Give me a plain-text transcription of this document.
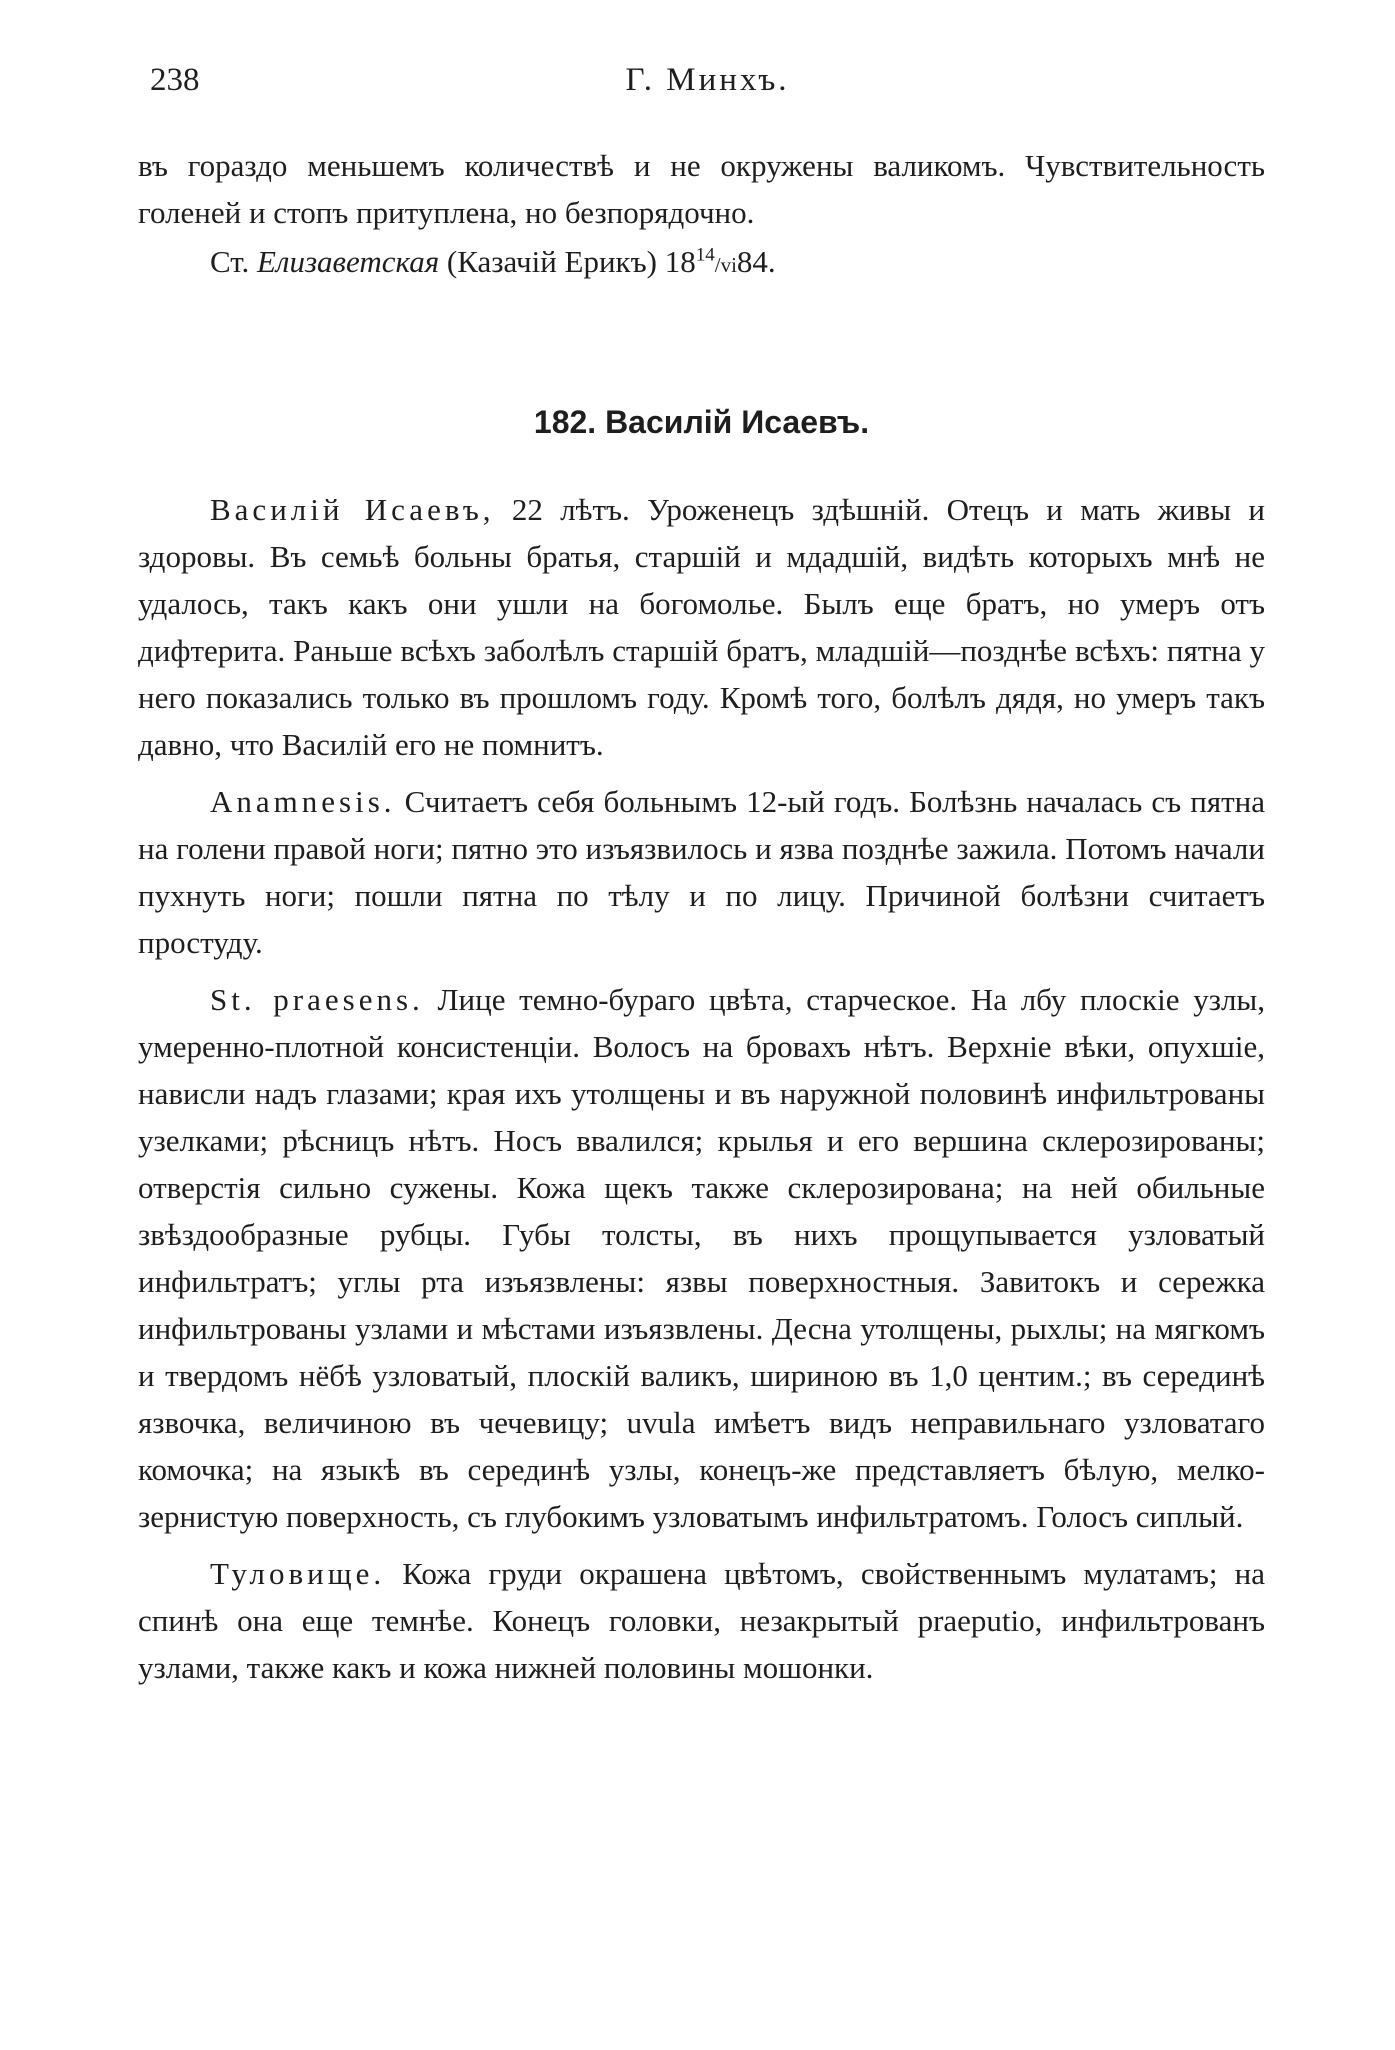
238	Г. Минхъ.

въ гораздо меньшемъ количествѣ и не окружены валикомъ. Чувствительность голеней и стопъ притуплена, но безпорядочно.

Ст. Елизаветская (Казачій Ерикъ) $18^{14}/vi84$.

182. Василій Исаевъ.

Василій Исаевъ, 22 лѣтъ. Уроженецъ здѣшній. Отецъ и мать живы и здоровы. Въ семьѣ больны братья, старшій и мдадшій, видѣть которыхъ мнѣ не удалось, такъ какъ они ушли на богомолье. Былъ еще братъ, но умеръ отъ дифтерита. Раньше всѣхъ заболѣлъ старшій братъ, младшій—позднѣе всѣхъ: пятна у него показались только въ прошломъ году. Кромѣ того, болѣлъ дядя, но умеръ такъ давно, что Василій его не помнитъ.

Anamnesis. Считаетъ себя больнымъ 12-ый годъ. Болѣзнь началась съ пятна на голени правой ноги; пятно это изъязвилось и язва позднѣе зажила. Потомъ начали пухнуть ноги; пошли пятна по тѣлу и по лицу. Причиной болѣзни считаетъ простуду.

St. praesens. Лице темно-бураго цвѣта, старческое. На лбу плоскіе узлы, умеренно-плотной консистенціи. Волосъ на бровахъ нѣтъ. Верхніе вѣки, опухшіе, нависли надъ глазами; края ихъ утолщены и въ наружной половинѣ инфильтрованы узелками; рѣсницъ нѣтъ. Носъ ввалился; крылья и его вершина склерозированы; отверстія сильно сужены. Кожа щекъ также склерозирована; на ней обильные звѣздообразные рубцы. Губы толсты, въ нихъ прощупывается узловатый инфильтратъ; углы рта изъязвлены: язвы поверхностныя. Завитокъ и сережка инфильтрованы узлами и мѣстами изъязвлены. Десна утолщены, рыхлы; на мягкомъ и твердомъ нёбѣ узловатый, плоскій валикъ, шириною въ 1,0 центим.; въ серединѣ язвочка, величиною въ чечевицу; uvula имѣетъ видъ неправильнаго узловатаго комочка; на языкѣ въ серединѣ узлы, конецъ-же представляетъ бѣлую, мелко-зернистую поверхность, съ глубокимъ узловатымъ инфильтратомъ. Голосъ сиплый.

Туловище. Кожа груди окрашена цвѣтомъ, свойственнымъ мулатамъ; на спинѣ она еще темнѣе. Конецъ головки, незакрытый praeputio, инфильтрованъ узлами, также какъ и кожа нижней половины мошонки.
